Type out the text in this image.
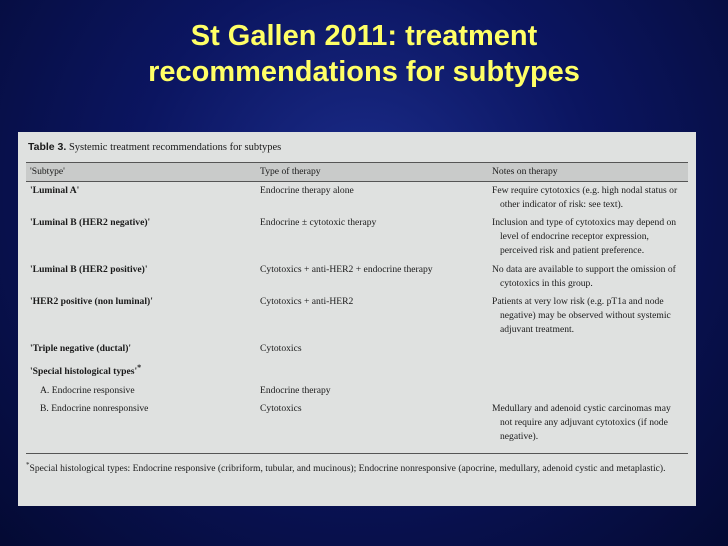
St Gallen 2011: treatment
recommendations for subtypes
Table 3. Systemic treatment recommendations for subtypes
'Subtype'	Type of therapy	Notes on therapy
'Luminal A'	Endocrine therapy alone	Few require cytotoxics (e.g. high nodal status or other indicator of risk: see text).
'Luminal B (HER2 negative)'	Endocrine ± cytotoxic therapy	Inclusion and type of cytotoxics may depend on level of endocrine receptor expression, perceived risk and patient preference.
'Luminal B (HER2 positive)'	Cytotoxics + anti-HER2 + endocrine therapy	No data are available to support the omission of cytotoxics in this group.
'HER2 positive (non luminal)'	Cytotoxics + anti-HER2	Patients at very low risk (e.g. pT1a and node negative) may be observed without systemic adjuvant treatment.
'Triple negative (ductal)'	Cytotoxics	
'Special histological types'*		
A. Endocrine responsive	Endocrine therapy	
B. Endocrine nonresponsive	Cytotoxics	Medullary and adenoid cystic carcinomas may not require any adjuvant cytotoxics (if node negative).
*Special histological types: Endocrine responsive (cribriform, tubular, and mucinous); Endocrine nonresponsive (apocrine, medullary, adenoid cystic and metaplastic).
